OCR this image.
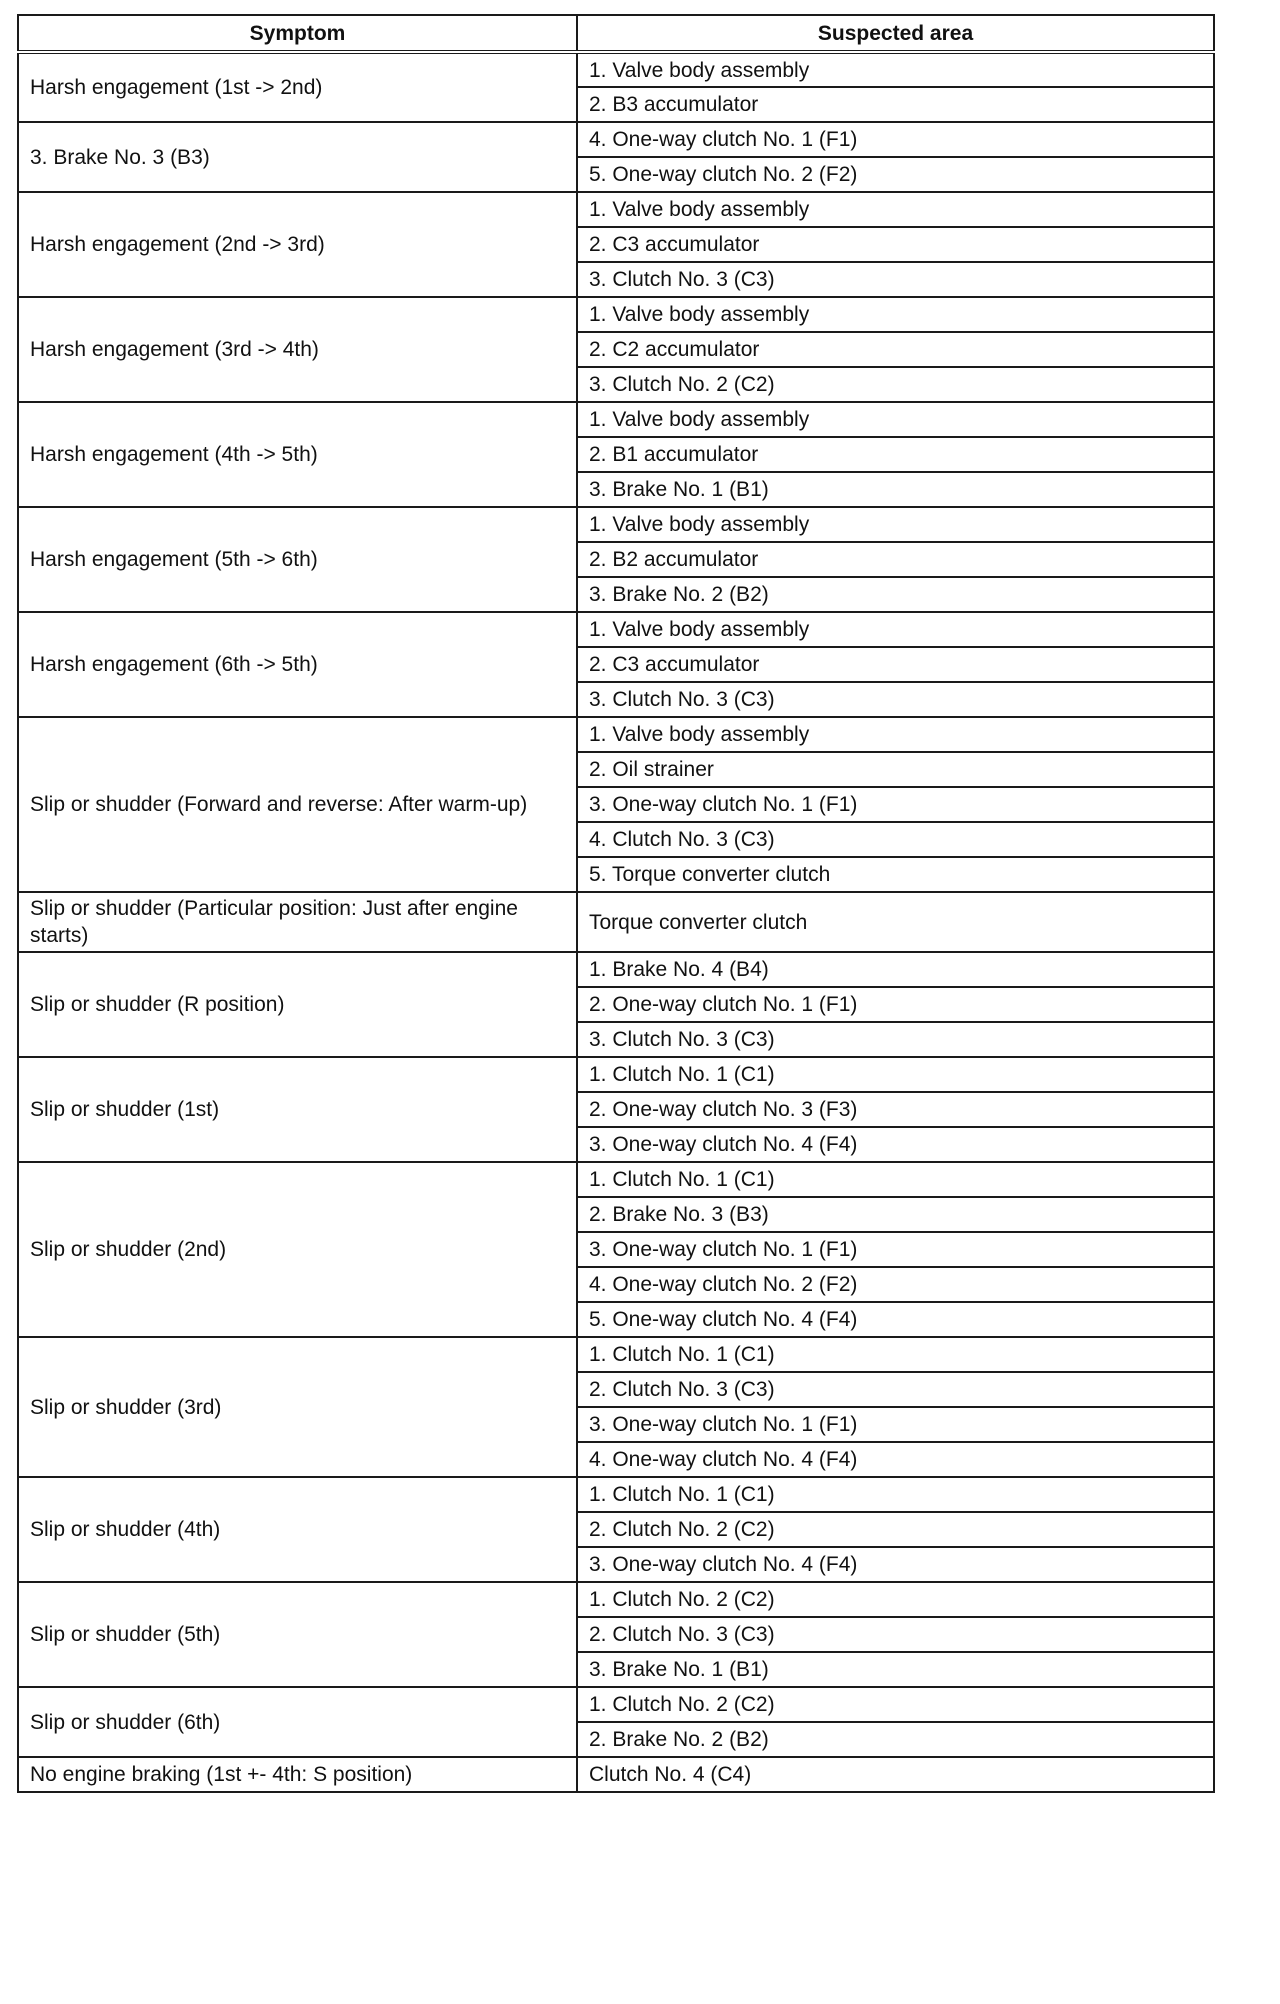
Symptom	Suspected area
Harsh engagement (1st -> 2nd)	1. Valve body assembly
	2. B3 accumulator
3. Brake No. 3 (B3)	4. One-way clutch No. 1 (F1)
	5. One-way clutch No. 2 (F2)
Harsh engagement (2nd -> 3rd)	1. Valve body assembly
	2. C3 accumulator
	3. Clutch No. 3 (C3)
Harsh engagement (3rd -> 4th)	1. Valve body assembly
	2. C2 accumulator
	3. Clutch No. 2 (C2)
Harsh engagement (4th -> 5th)	1. Valve body assembly
	2. B1 accumulator
	3. Brake No. 1 (B1)
Harsh engagement (5th -> 6th)	1. Valve body assembly
	2. B2 accumulator
	3. Brake No. 2 (B2)
Harsh engagement (6th -> 5th)	1. Valve body assembly
	2. C3 accumulator
	3. Clutch No. 3 (C3)
Slip or shudder (Forward and reverse: After warm-up)	1. Valve body assembly
	2. Oil strainer
	3. One-way clutch No. 1 (F1)
	4. Clutch No. 3 (C3)
	5. Torque converter clutch
Slip or shudder (Particular position: Just after engine starts)	Torque converter clutch
Slip or shudder (R position)	1. Brake No. 4 (B4)
	2. One-way clutch No. 1 (F1)
	3. Clutch No. 3 (C3)
Slip or shudder (1st)	1. Clutch No. 1 (C1)
	2. One-way clutch No. 3 (F3)
	3. One-way clutch No. 4 (F4)
Slip or shudder (2nd)	1. Clutch No. 1 (C1)
	2. Brake No. 3 (B3)
	3. One-way clutch No. 1 (F1)
	4. One-way clutch No. 2 (F2)
	5. One-way clutch No. 4 (F4)
Slip or shudder (3rd)	1. Clutch No. 1 (C1)
	2. Clutch No. 3 (C3)
	3. One-way clutch No. 1 (F1)
	4. One-way clutch No. 4 (F4)
Slip or shudder (4th)	1. Clutch No. 1 (C1)
	2. Clutch No. 2 (C2)
	3. One-way clutch No. 4 (F4)
Slip or shudder (5th)	1. Clutch No. 2 (C2)
	2. Clutch No. 3 (C3)
	3. Brake No. 1 (B1)
Slip or shudder (6th)	1. Clutch No. 2 (C2)
	2. Brake No. 2 (B2)
No engine braking (1st +- 4th: S position)	Clutch No. 4 (C4)
